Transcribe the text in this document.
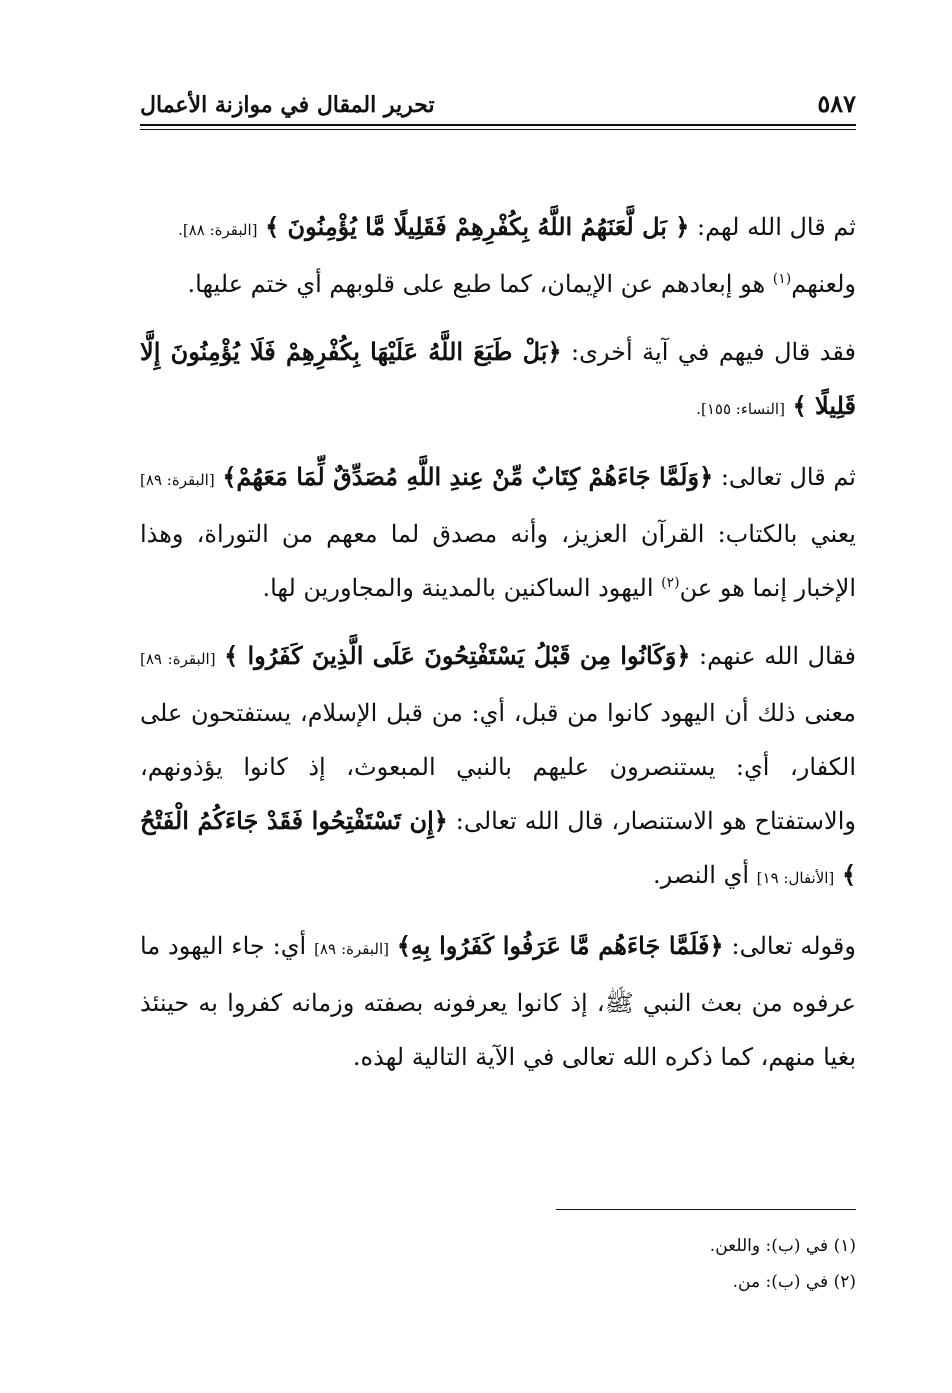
تحرير المقال في موازنة الأعمال	٥٨٧

ثم قال الله لهم: ﴿ بَل لَّعَنَهُمُ اللَّهُ بِكُفْرِهِمْ فَقَلِيلًا مَّا يُؤْمِنُونَ ﴾ [البقرة: ٨٨].

ولعنهم$^{(١)}$ هو إبعادهم عن الإيمان، كما طبع على قلوبهم أي ختم عليها.

فقد قال فيهم في آية أخرى: ﴿بَلْ طَبَعَ اللَّهُ عَلَيْهَا بِكُفْرِهِمْ فَلَا يُؤْمِنُونَ إِلَّا قَلِيلًا ﴾ [النساء: ١٥٥].

ثم قال تعالى: ﴿وَلَمَّا جَاءَهُمْ كِتَابٌ مِّنْ عِندِ اللَّهِ مُصَدِّقٌ لِّمَا مَعَهُمْ﴾ [البقرة: ٨٩] يعني بالكتاب: القرآن العزيز، وأنه مصدق لما معهم من التوراة، وهذا الإخبار إنما هو عن$^{(٢)}$ اليهود الساكنين بالمدينة والمجاورين لها.

فقال الله عنهم: ﴿وَكَانُوا مِن قَبْلُ يَسْتَفْتِحُونَ عَلَى الَّذِينَ كَفَرُوا ﴾ [البقرة: ٨٩] معنى ذلك أن اليهود كانوا من قبل، أي: من قبل الإسلام، يستفتحون على الكفار، أي: يستنصرون عليهم بالنبي المبعوث، إذ كانوا يؤذونهم، والاستفتاح هو الاستنصار، قال الله تعالى: ﴿إِن تَسْتَفْتِحُوا فَقَدْ جَاءَكُمُ الْفَتْحُ ﴾ [الأنفال: ١٩] أي النصر.

وقوله تعالى: ﴿فَلَمَّا جَاءَهُم مَّا عَرَفُوا كَفَرُوا بِهِ﴾ [البقرة: ٨٩] أي: جاء اليهود ما عرفوه من بعث النبي ﷺ، إذ كانوا يعرفونه بصفته وزمانه كفروا به حينئذ بغيا منهم، كما ذكره الله تعالى في الآية التالية لهذه.

(١) في (ب): واللعن.

(٢) في (ب): من.
